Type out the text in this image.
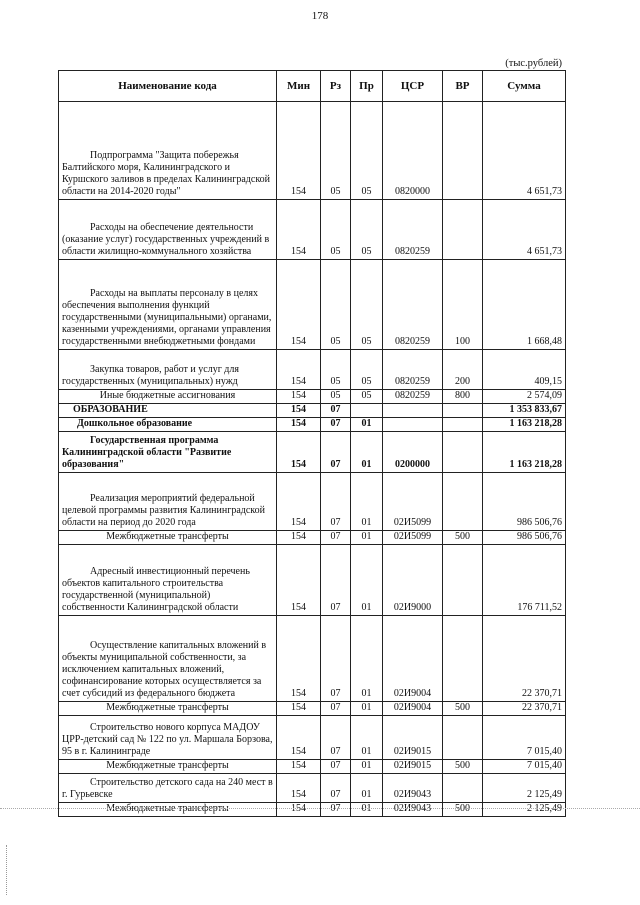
178
(тыс.рублей)
Наименование кода	Мин	Рз	Пр	ЦСР	ВР	Сумма
Подпрограмма "Защита побережья Балтийского моря, Калининградского и Куршского заливов в пределах Калининградской области на 2014-2020 годы"	154	05	05	0820000		4 651,73
Расходы на обеспечение деятельности (оказание услуг) государственных учреждений в области жилищно-коммунального хозяйства	154	05	05	0820259		4 651,73
Расходы на выплаты персоналу в целях обеспечения выполнения функций государственными (муниципальными) органами, казенными учреждениями, органами управления государственными внебюджетными фондами	154	05	05	0820259	100	1 668,48
Закупка товаров, работ и услуг для государственных (муниципальных) нужд	154	05	05	0820259	200	409,15
Иные бюджетные ассигнования	154	05	05	0820259	800	2 574,09
ОБРАЗОВАНИЕ	154	07				1 353 833,67
Дошкольное образование	154	07	01			1 163 218,28
Государственная программа Калининградской области "Развитие образования"	154	07	01	0200000		1 163 218,28
Реализация мероприятий федеральной целевой программы развития Калининградской области на период до 2020 года	154	07	01	02И5099		986 506,76
Межбюджетные трансферты	154	07	01	02И5099	500	986 506,76
Адресный инвестиционный перечень объектов капитального строительства государственной (муниципальной) собственности Калининградской области	154	07	01	02И9000		176 711,52
Осуществление капитальных вложений в объекты муниципальной собственности, за исключением капитальных вложений, софинансирование которых осуществляется за счет субсидий из федерального бюджета	154	07	01	02И9004		22 370,71
Межбюджетные трансферты	154	07	01	02И9004	500	22 370,71
Строительство нового корпуса МАДОУ ЦРР-детский сад № 122 по ул. Маршала Борзова, 95 в г. Калининграде	154	07	01	02И9015		7 015,40
Межбюджетные трансферты	154	07	01	02И9015	500	7 015,40
Строительство детского сада на 240 мест в г. Гурьевске	154	07	01	02И9043		2 125,49
Межбюджетные трансферты	154	07	01	02И9043	500	2 125,49
